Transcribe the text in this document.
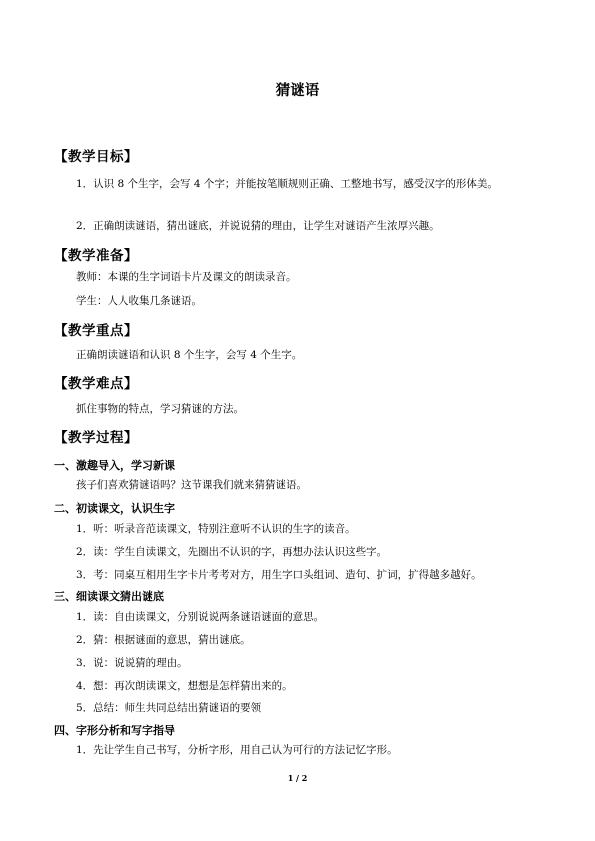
猜谜语
【教学目标】
1．认识 8 个生字，会写 4 个字；并能按笔顺规则正确、工整地书写，感受汉字的形体美。
2．正确朗读谜语，猜出谜底，并说说猜的理由，让学生对谜语产生浓厚兴趣。
【教学准备】
教师：本课的生字词语卡片及课文的朗读录音。
学生：人人收集几条谜语。
【教学重点】
正确朗读谜语和认识 8 个生字，会写 4 个生字。
【教学难点】
抓住事物的特点，学习猜谜的方法。
【教学过程】
一、激趣导入，学习新课
孩子们喜欢猜谜语吗？这节课我们就来猜猜谜语。
二、初读课文，认识生字
1．听：听录音范读课文，特别注意听不认识的生字的读音。
2．读：学生自读课文，先圈出不认识的字，再想办法认识这些字。
3．考：同桌互相用生字卡片考考对方，用生字口头组词、造句、扩词，扩得越多越好。
三、细读课文猜出谜底
1．读：自由读课文，分别说说两条谜语谜面的意思。
2．猜：根据谜面的意思，猜出谜底。
3．说：说说猜的理由。
4．想：再次朗读课文，想想是怎样猜出来的。
5．总结：师生共同总结出猜谜语的要领
四、字形分析和写字指导
1．先让学生自己书写，分析字形，用自己认为可行的方法记忆字形。
1 / 2
